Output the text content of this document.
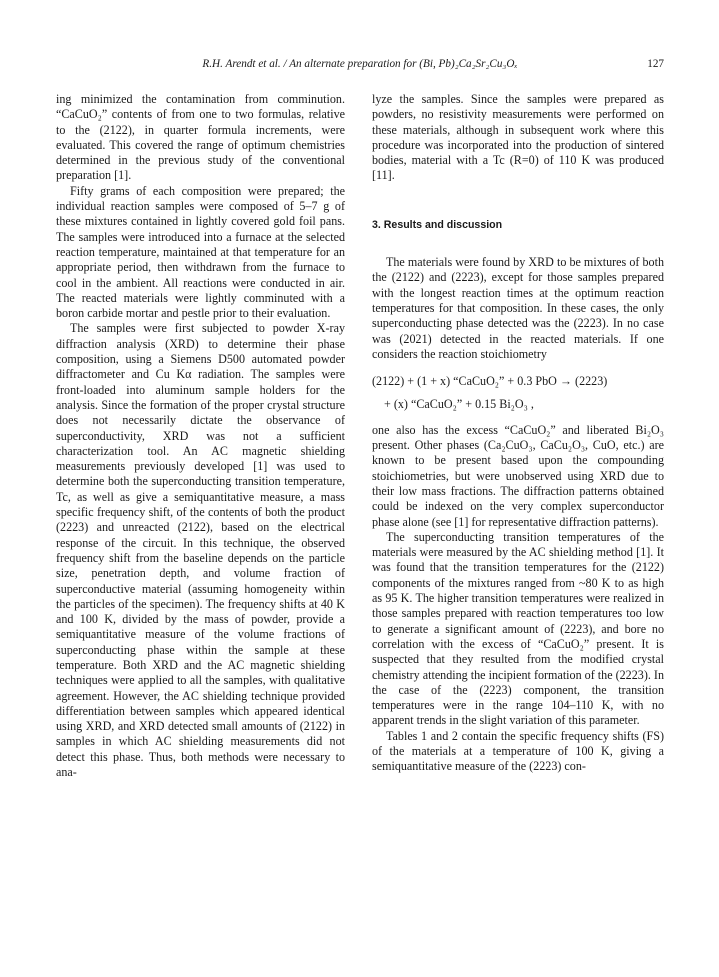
R.H. Arendt et al. / An alternate preparation for (Bi, Pb)₂Ca₂Sr₂Cu₃Oₓ	127

ing minimized the contamination from comminution. “CaCuO₂” contents of from one to two formulas, relative to the (2122), in quarter formula increments, were evaluated. This covered the range of optimum chemistries determined in the previous study of the conventional preparation [1].

Fifty grams of each composition were prepared; the individual reaction samples were composed of 5–7 g of these mixtures contained in lightly covered gold foil pans. The samples were introduced into a furnace at the selected reaction temperature, maintained at that temperature for an appropriate period, then withdrawn from the furnace to cool in the ambient. All reactions were conducted in air. The reacted materials were lightly comminuted with a boron carbide mortar and pestle prior to their evaluation.

The samples were first subjected to powder X-ray diffraction analysis (XRD) to determine their phase composition, using a Siemens D500 automated powder diffractometer and Cu Kα radiation. The samples were front-loaded into aluminum sample holders for the analysis. Since the formation of the proper crystal structure does not necessarily dictate the observance of superconductivity, XRD was not a sufficient characterization tool. An AC magnetic shielding measurements previously developed [1] was used to determine both the superconducting transition temperature, Tc, as well as give a semiquantitative measure, a mass specific frequency shift, of the contents of both the product (2223) and unreacted (2122), based on the electrical response of the circuit. In this technique, the observed frequency shift from the baseline depends on the particle size, penetration depth, and volume fraction of superconductive material (assuming homogeneity within the particles of the specimen). The frequency shifts at 40 K and 100 K, divided by the mass of powder, provide a semiquantitative measure of the volume fractions of superconducting phase within the sample at these temperature. Both XRD and the AC magnetic shielding techniques were applied to all the samples, with qualitative agreement. However, the AC shielding technique provided differentiation between samples which appeared identical using XRD, and XRD detected small amounts of (2122) in samples in which AC shielding measurements did not detect this phase. Thus, both methods were necessary to ana-

lyze the samples. Since the samples were prepared as powders, no resistivity measurements were performed on these materials, although in subsequent work where this procedure was incorporated into the production of sintered bodies, material with a Tc (R=0) of 110 K was produced [11].

3. Results and discussion

The materials were found by XRD to be mixtures of both the (2122) and (2223), except for those samples prepared with the longest reaction times at the optimum reaction temperatures for that composition. In these cases, the only superconducting phase detected was the (2223). In no case was (2021) detected in the reacted materials. If one considers the reaction stoichiometry

(2122) + (1 + x) “CaCuO₂” + 0.3 PbO → (2223)
+ (x) “CaCuO₂” + 0.15 Bi₂O₃ ,

one also has the excess “CaCuO₂” and liberated Bi₂O₃ present. Other phases (Ca₂CuO₃, CaCu₂O₃, CuO, etc.) are known to be present based upon the compounding stoichiometries, but were unobserved using XRD due to their low mass fractions. The diffraction patterns obtained could be indexed on the very complex superconductor phase alone (see [1] for representative diffraction patterns).

The superconducting transition temperatures of the materials were measured by the AC shielding method [1]. It was found that the transition temperatures for the (2122) components of the mixtures ranged from ~80 K to as high as 95 K. The higher transition temperatures were realized in those samples prepared with reaction temperatures too low to generate a significant amount of (2223), and bore no correlation with the excess of “CaCuO₂” present. It is suspected that they resulted from the modified crystal chemistry attending the incipient formation of the (2223). In the case of the (2223) component, the transition temperatures were in the range 104–110 K, with no apparent trends in the slight variation of this parameter.

Tables 1 and 2 contain the specific frequency shifts (FS) of the materials at a temperature of 100 K, giving a semiquantitative measure of the (2223) con-
